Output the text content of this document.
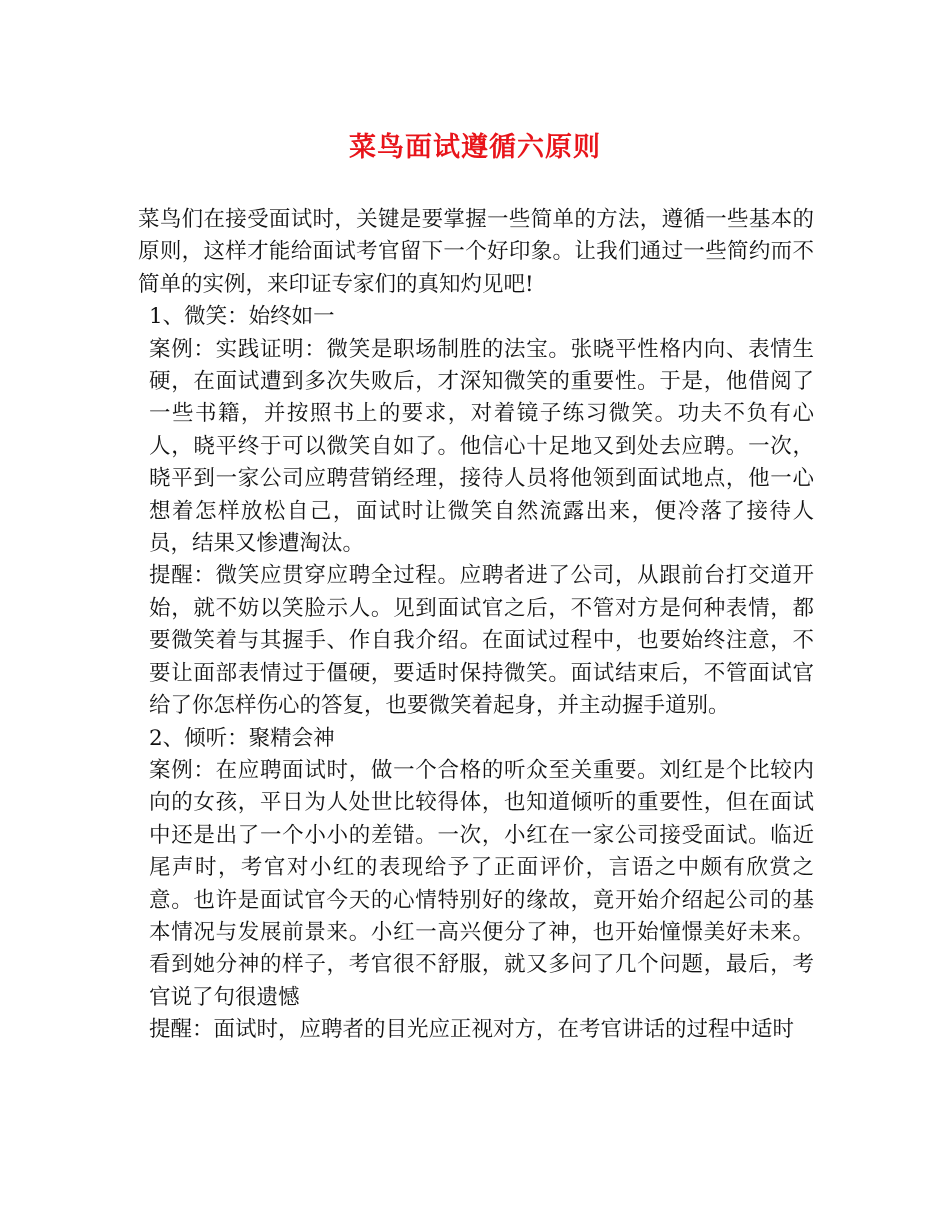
菜鸟面试遵循六原则

菜鸟们在接受面试时，关键是要掌握一些简单的方法，遵循一些基本的原则，这样才能给面试考官留下一个好印象。让我们通过一些简约而不简单的实例，来印证专家们的真知灼见吧!

1、微笑：始终如一

案例：实践证明：微笑是职场制胜的法宝。张晓平性格内向、表情生硬，在面试遭到多次失败后，才深知微笑的重要性。于是，他借阅了一些书籍，并按照书上的要求，对着镜子练习微笑。功夫不负有心人，晓平终于可以微笑自如了。他信心十足地又到处去应聘。一次，晓平到一家公司应聘营销经理，接待人员将他领到面试地点，他一心想着怎样放松自己，面试时让微笑自然流露出来，便冷落了接待人员，结果又惨遭淘汰。

提醒：微笑应贯穿应聘全过程。应聘者进了公司，从跟前台打交道开始，就不妨以笑脸示人。见到面试官之后，不管对方是何种表情，都要微笑着与其握手、作自我介绍。在面试过程中，也要始终注意，不要让面部表情过于僵硬，要适时保持微笑。面试结束后，不管面试官给了你怎样伤心的答复，也要微笑着起身，并主动握手道别。

2、倾听：聚精会神

案例：在应聘面试时，做一个合格的听众至关重要。刘红是个比较内向的女孩，平日为人处世比较得体，也知道倾听的重要性，但在面试中还是出了一个小小的差错。一次，小红在一家公司接受面试。临近尾声时，考官对小红的表现给予了正面评价，言语之中颇有欣赏之意。也许是面试官今天的心情特别好的缘故，竟开始介绍起公司的基本情况与发展前景来。小红一高兴便分了神，也开始憧憬美好未来。看到她分神的样子，考官很不舒服，就又多问了几个问题，最后，考官说了句很遗憾

提醒：面试时，应聘者的目光应正视对方，在考官讲话的过程中适时
